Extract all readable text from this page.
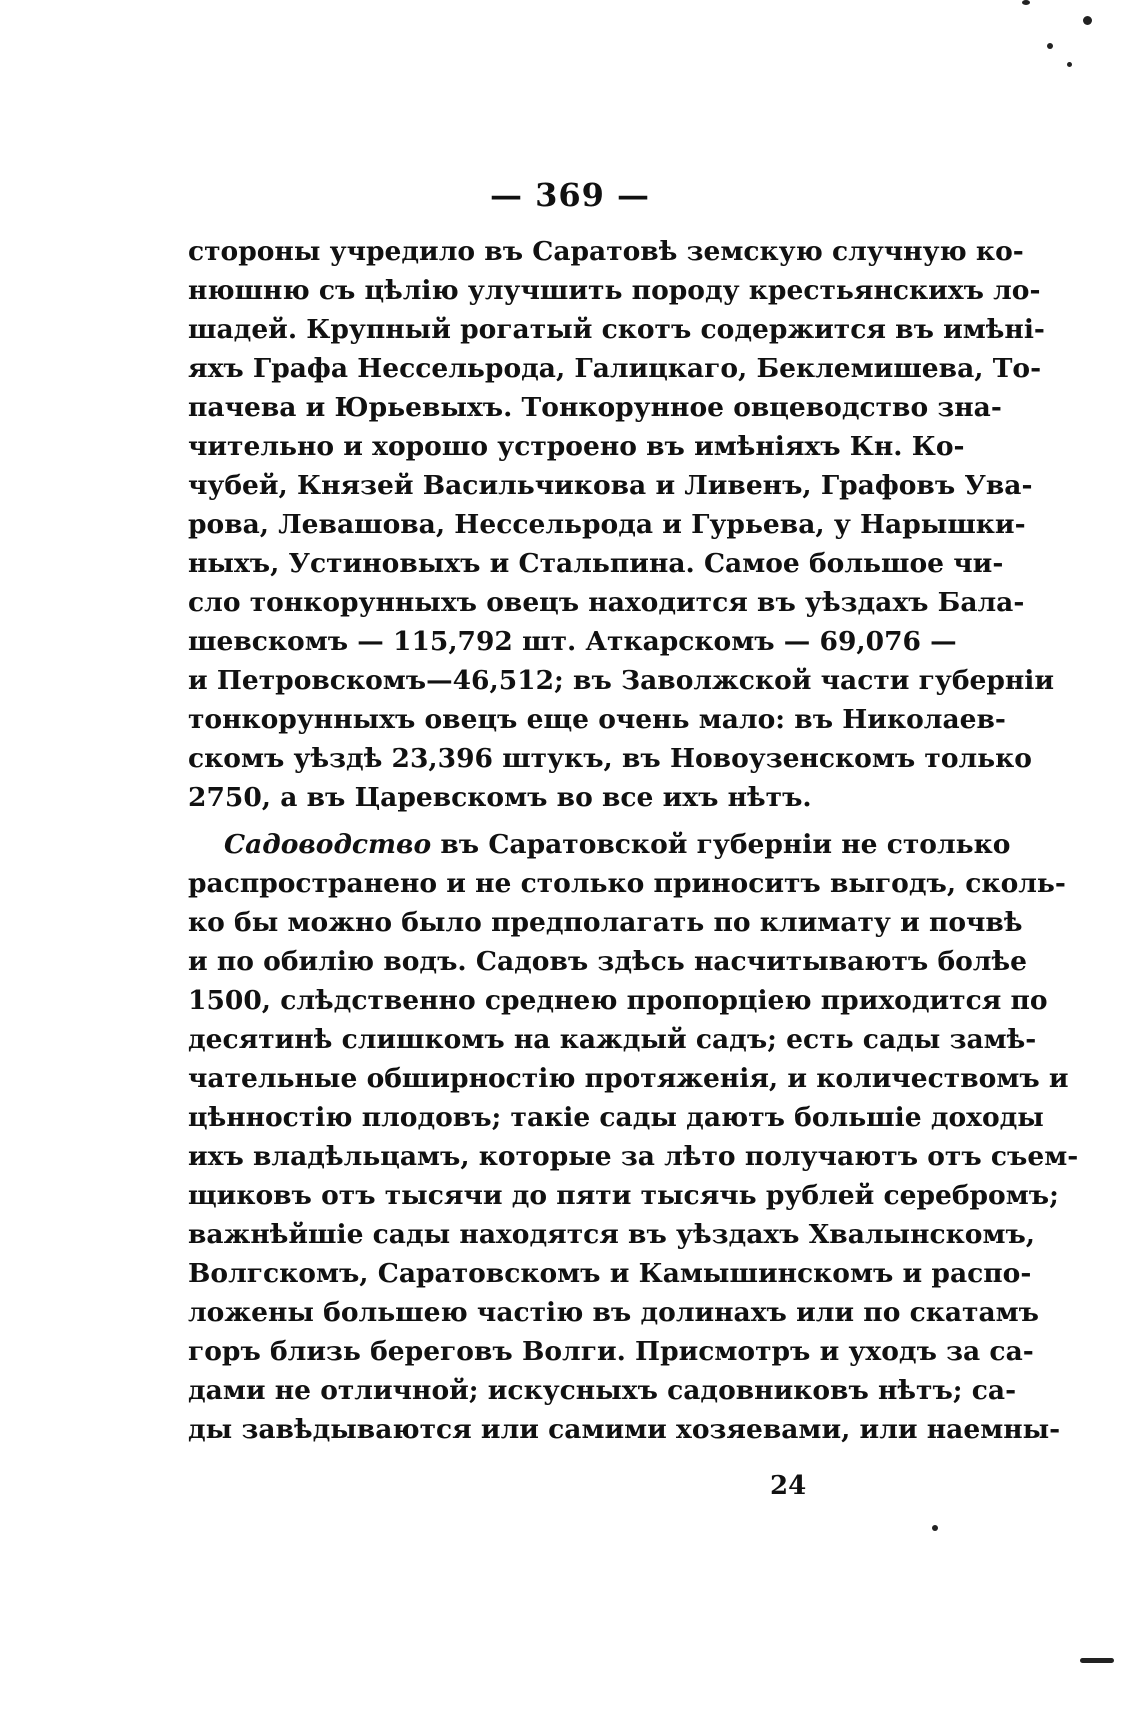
— 369 —
стороны учредило въ Саратовѣ земскую случную ко-
нюшню съ цѣлію улучшить породу крестьянскихъ ло-
шадей. Крупный рогатый скотъ содержится въ имѣні-
яхъ Графа Нессельрода, Галицкаго, Беклемишева, То-
пачева и Юрьевыхъ. Тонкорунное овцеводство зна-
чительно и хорошо устроено въ имѣніяхъ Кн. Ко-
чубей, Князей Васильчикова и Ливенъ, Графовъ Ува-
рова, Левашова, Нессельрода и Гурьева, у Нарышки-
ныхъ, Устиновыхъ и Стальпина. Самое большое чи-
сло тонкорунныхъ овецъ находится въ уѣздахъ Бала-
шевскомъ — 115,792 шт. Аткарскомъ — 69,076 —
и Петровскомъ—46,512; въ Заволжской части губерніи
тонкорунныхъ овецъ еще очень мало: въ Николаев-
скомъ уѣздѣ 23,396 штукъ, въ Новоузенскомъ только
2750, а въ Царевскомъ во все ихъ нѣтъ.
Садоводство въ Саратовской губерніи не столько
распространено и не столько приноситъ выгодъ, сколь-
ко бы можно было предполагать по климату и почвѣ
и по обилію водъ. Садовъ здѣсь насчитываютъ болѣе
1500, слѣдственно среднею пропорціею приходится по
десятинѣ слишкомъ на каждый садъ; есть сады замѣ-
чательные обширностію протяженія, и количествомъ и
цѣнностію плодовъ; такіе сады даютъ большіе доходы
ихъ владѣльцамъ, которые за лѣто получаютъ отъ съем-
щиковъ отъ тысячи до пяти тысячь рублей серебромъ;
важнѣйшіе сады находятся въ уѣздахъ Хвалынскомъ,
Волгскомъ, Саратовскомъ и Камышинскомъ и распо-
ложены большею частію въ долинахъ или по скатамъ
горъ близь береговъ Волги. Присмотръ и уходъ за са-
дами не отличной; искусныхъ садовниковъ нѣтъ; са-
ды завѣдываются или самими хозяевами, или наемны-
24
